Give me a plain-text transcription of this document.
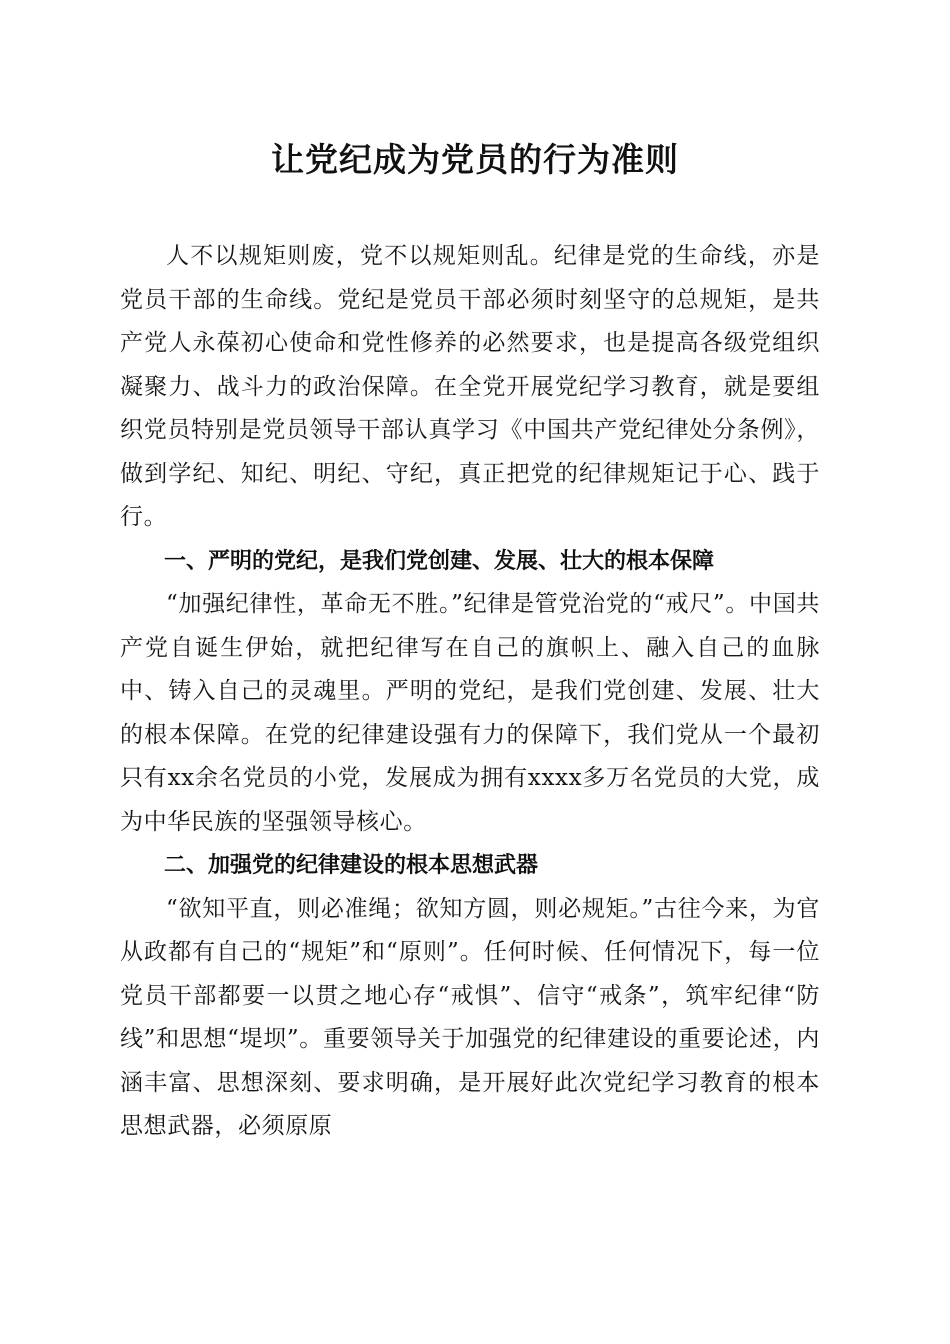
让党纪成为党员的行为准则

人不以规矩则废，党不以规矩则乱。纪律是党的生命线，亦是党员干部的生命线。党纪是党员干部必须时刻坚守的总规矩，是共产党人永葆初心使命和党性修养的必然要求，也是提高各级党组织凝聚力、战斗力的政治保障。在全党开展党纪学习教育，就是要组织党员特别是党员领导干部认真学习《中国共产党纪律处分条例》，做到学纪、知纪、明纪、守纪，真正把党的纪律规矩记于心、践于行。

一、严明的党纪，是我们党创建、发展、壮大的根本保障

“加强纪律性，革命无不胜。”纪律是管党治党的“戒尺”。中国共产党自诞生伊始，就把纪律写在自己的旗帜上、融入自己的血脉中、铸入自己的灵魂里。严明的党纪，是我们党创建、发展、壮大的根本保障。在党的纪律建设强有力的保障下，我们党从一个最初只有xx余名党员的小党，发展成为拥有xxxx多万名党员的大党，成为中华民族的坚强领导核心。

二、加强党的纪律建设的根本思想武器

“欲知平直，则必准绳；欲知方圆，则必规矩。”古往今来，为官从政都有自己的“规矩”和“原则”。任何时候、任何情况下，每一位党员干部都要一以贯之地心存“戒惧”、信守“戒条”，筑牢纪律“防线”和思想“堤坝”。重要领导关于加强党的纪律建设的重要论述，内涵丰富、思想深刻、要求明确，是开展好此次党纪学习教育的根本思想武器，必须原原
